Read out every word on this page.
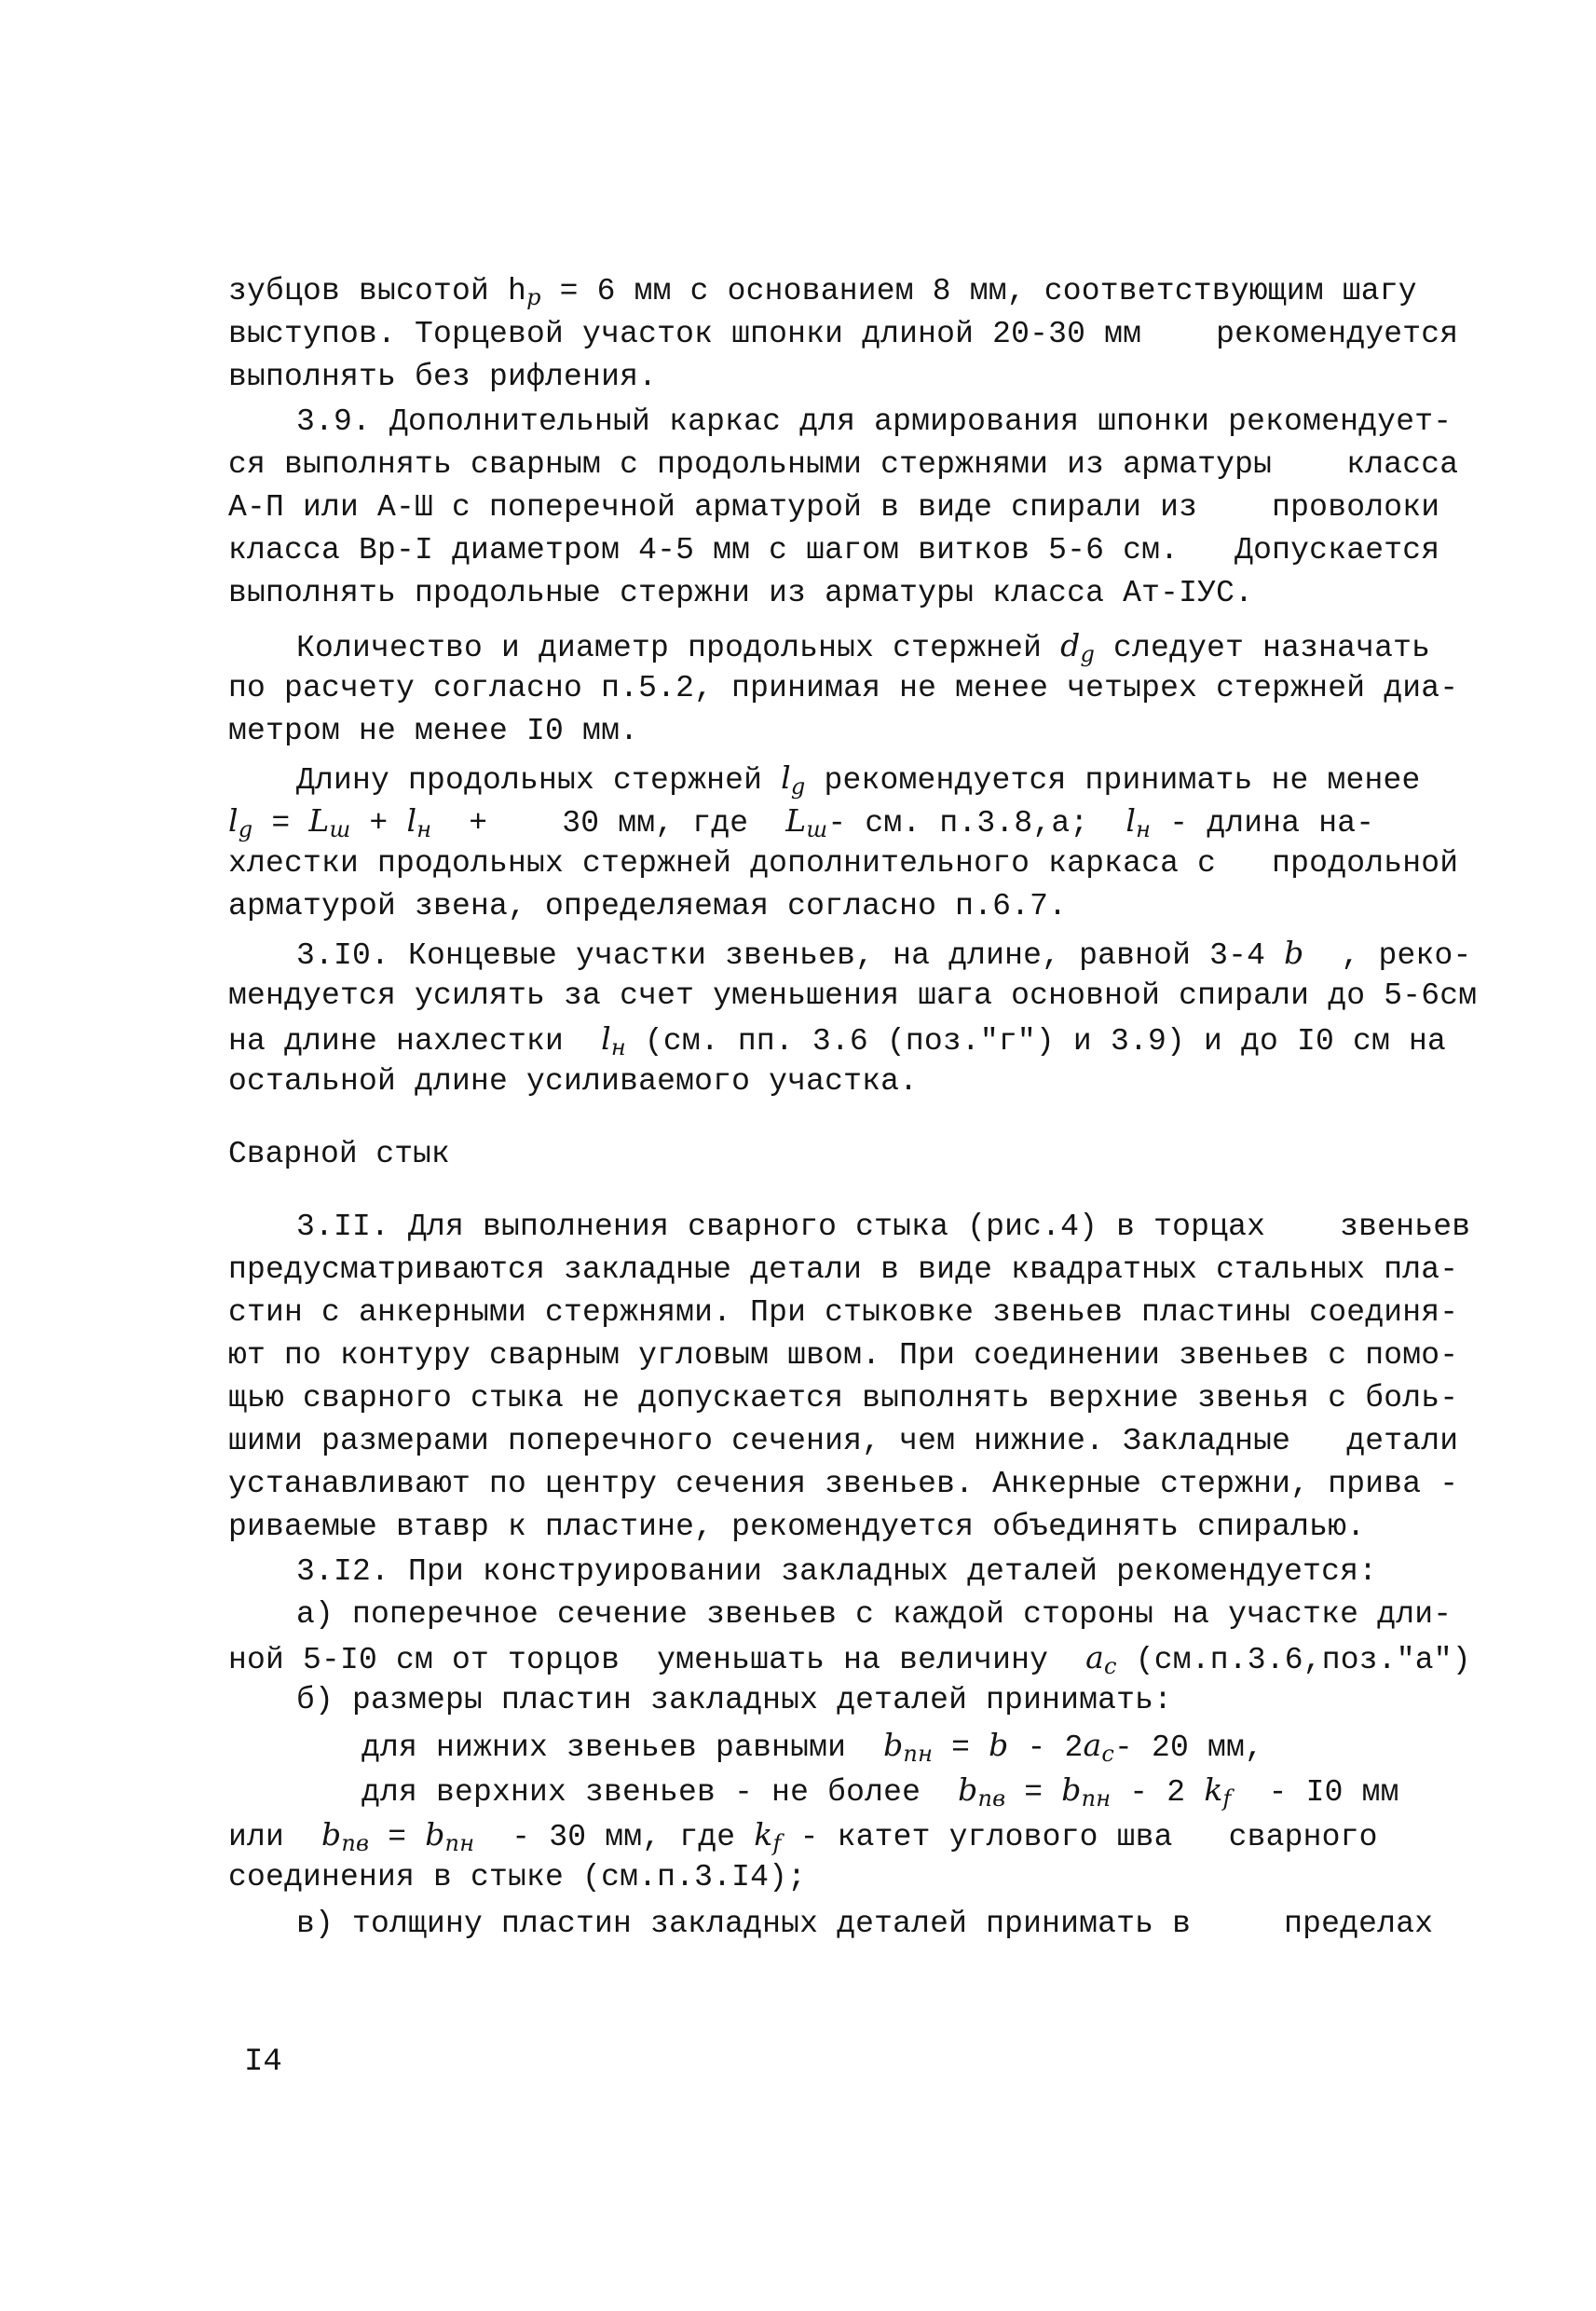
зубцов высотой $h_р = 6$ мм с основанием 8 мм, соответствующим шагу
выступов. Торцевой участок шпонки длиной 20-30 мм    рекомендуется
выполнять без рифления.
3.9. Дополнительный каркас для армирования шпонки рекомендует-
ся выполнять сварным с продольными стержнями из арматуры    класса
А-П или А-Ш с поперечной арматурой в виде спирали из    проволоки
класса Вр-I диаметром 4-5 мм с шагом витков 5-6 см.   Допускается
выполнять продольные стержни из арматуры класса Ат-IУС.
Количество и диаметр продольных стержней $d_g$ следует назначать
по расчету согласно п.5.2, принимая не менее четырех стержней диа-
метром не менее I0 мм.
Длину продольных стержней $l_g$ рекомендуется принимать не менее
$l_g = L_ш + l_н$  +    30 мм, где  $L_ш-$ см. п.3.8,а;  $l_н$ - длина на-
хлестки продольных стержней дополнительного каркаса с   продольной
арматурой звена, определяемая согласно п.6.7.
3.I0. Концевые участки звеньев, на длине, равной 3-4 b  , реко-
мендуется усилять за счет уменьшения шага основной спирали до 5-6см
на длине нахлестки  $l_н$ (см. пп. 3.6 (поз."г") и 3.9) и до I0 см на
остальной длине усиливаемого участка.
Сварной стык
3.II. Для выполнения сварного стыка (рис.4) в торцах    звеньев
предусматриваются закладные детали в виде квадратных стальных пла-
стин с анкерными стержнями. При стыковке звеньев пластины соединя-
ют по контуру сварным угловым швом. При соединении звеньев с помо-
щью сварного стыка не допускается выполнять верхние звенья с боль-
шими размерами поперечного сечения, чем нижние. Закладные   детали
устанавливают по центру сечения звеньев. Анкерные стержни, прива -
риваемые втавр к пластине, рекомендуется объединять спиралью.
3.I2. При конструировании закладных деталей рекомендуется:
а) поперечное сечение звеньев с каждой стороны на участке дли-
ной 5-I0 см от торцов  уменьшать на величину  $a_c$ (см.п.3.6,поз."а")
б) размеры пластин закладных деталей принимать:
для нижних звеньев равными  $b_{пн} = b - 2a_c-$ 20 мм,
для верхних звеньев - не более  $b_{пв} = b_{пн} - 2$ $k_f - I0$ мм
или  $b_{пв} = b_{пн} - 30$ мм, где $k_f$ - катет углового шва   сварного
соединения в стыке (см.п.3.I4);
в) толщину пластин закладных деталей принимать в     пределах
I4
